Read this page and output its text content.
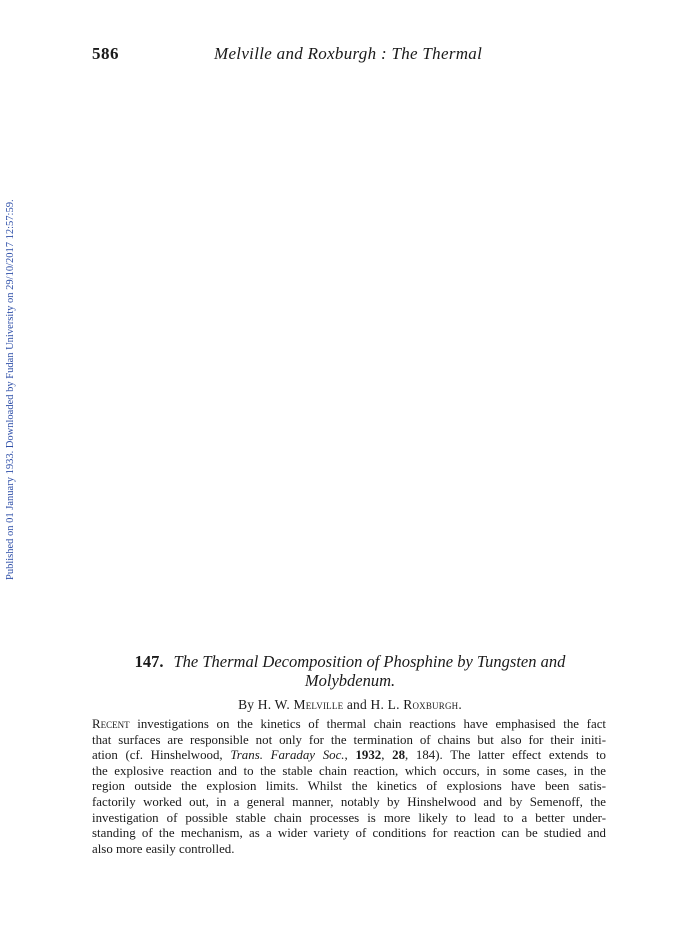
586	Melville and Roxburgh : The Thermal
Published on 01 January 1933. Downloaded by Fudan University on 29/10/2017 12:57:59.
147. The Thermal Decomposition of Phosphine by Tungsten and
Molybdenum.
By H. W. Melville and H. L. Roxburgh.
Recent investigations on the kinetics of thermal chain reactions have emphasised the fact
that surfaces are responsible not only for the termination of chains but also for their initi-
ation (cf. Hinshelwood, Trans. Faraday Soc., 1932, 28, 184). The latter effect extends to
the explosive reaction and to the stable chain reaction, which occurs, in some cases, in the
region outside the explosion limits. Whilst the kinetics of explosions have been satis-
factorily worked out, in a general manner, notably by Hinshelwood and by Semenoff, the
investigation of possible stable chain processes is more likely to lead to a better under-
standing of the mechanism, as a wider variety of conditions for reaction can be studied and
also more easily controlled.
